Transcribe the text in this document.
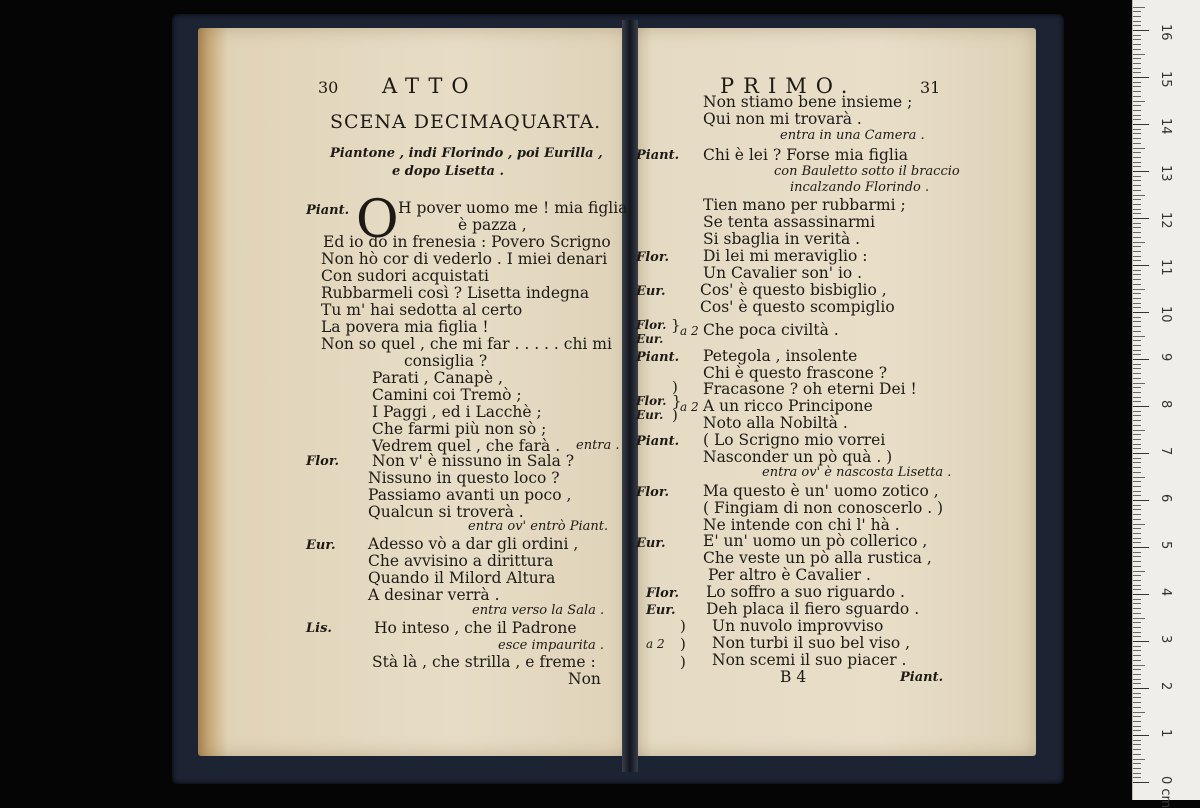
30 ATTO
SCENA DECIMAQUARTA.
Piantone , indi Florindo , poi Eurilla ,
e dopo Lisetta .
Piant. O H pover uomo me ! mia figlia
è pazza ,
Ed io do in frenesia : Povero Scrigno
Non hò cor di vederlo . I miei denari
Con sudori acquistati
Rubbarmeli così ? Lisetta indegna
Tu m' hai sedotta al certo
La povera mia figlia !
Non so quel , che mi far . . . . . chi mi
consiglia ?
Parati , Canapè ,
Camini coi Tremò ;
I Paggi , ed i Lacchè ;
Che farmi più non sò ;
Vedrem quel , che farà . entra .
Flor. Non v' è nissuno in Sala ?
Nissuno in questo loco ?
Passiamo avanti un poco ,
Qualcun si troverà .
entra ov' entrò Piant.
Eur. Adesso vò a dar gli ordini ,
Che avvisino a dirittura
Quando il Milord Altura
A desinar verrà .
entra verso la Sala .
Lis.	Ho inteso , che il Padrone
esce impaurita .
Stà là , che strilla , e freme :
Non
PRIMO.	31
Non stiamo bene insieme ;
Qui non mi trovarà .
entra in una Camera .
Piant. Chi è lei ? Forse mia figlia
con Bauletto sotto il braccio
incalzando Florindo .
Tien mano per rubbarmi ;
Se tenta assassinarmi
Si sbaglia in verità .
Flor. Di lei mi meraviglio :
Un Cavalier son' io .
Eur. Cos' è questo bisbiglio ,
Cos' è questo scompiglio
Flor.
Eur.
} a 2 Che poca civiltà .
Piant. Petegola , insolente
Chi è questo frascone ?
Flor.
Eur.
)
}
) a 2
Fracasone ? oh eterni Dei !
A un ricco Principone
Noto alla Nobiltà .
Piant. ( Lo Scrigno mio vorrei
Nasconder un pò quà . )
entra ov' è nascosta Lisetta .
Flor. Ma questo è un' uomo zotico ,
( Fingiam di non conoscerlo . )
Ne intende con chi l' hà .
Eur. E' un' uomo un pò collerico ,
Che veste un pò alla rustica ,
Per altro è Cavalier .
Flor. Lo soffro a suo riguardo .
Eur. Deh placa il fiero sguardo .
)
)
)
a 2
Un nuvolo improvviso
Non turbi il suo bel viso ,
Non scemi il suo piacer .
B 4	Piant.
0 cm
1
2
3
4
5
6
7
8
9
10
11
12
13
14
15
16
